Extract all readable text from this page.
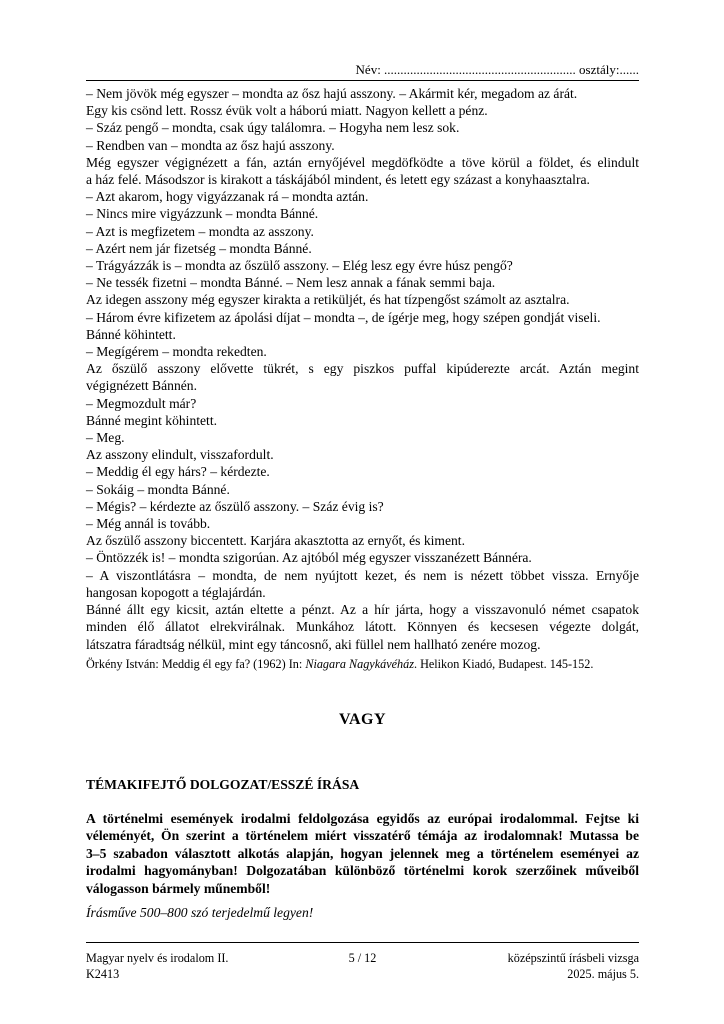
Név: ........................................................... osztály:......
– Nem jövök még egyszer – mondta az ősz hajú asszony. – Akármit kér, megadom az árát.
Egy kis csönd lett. Rossz évük volt a háború miatt. Nagyon kellett a pénz.
– Száz pengő – mondta, csak úgy találomra. – Hogyha nem lesz sok.
– Rendben van – mondta az ősz hajú asszony.
Még egyszer végignézett a fán, aztán ernyőjével megdöfködte a töve körül a földet, és elindult
a ház felé. Másodszor is kirakott a táskájából mindent, és letett egy százast a konyhaasztalra.
– Azt akarom, hogy vigyázzanak rá – mondta aztán.
– Nincs mire vigyázzunk – mondta Bánné.
– Azt is megfizetem – mondta az asszony.
– Azért nem jár fizetség – mondta Bánné.
– Trágyázzák is – mondta az őszülő asszony. – Elég lesz egy évre húsz pengő?
– Ne tessék fizetni – mondta Bánné. – Nem lesz annak a fának semmi baja.
Az idegen asszony még egyszer kirakta a retiküljét, és hat tízpengőst számolt az asztalra.
– Három évre kifizetem az ápolási díjat – mondta –, de ígérje meg, hogy szépen gondját viseli.
Bánné köhintett.
– Megígérem – mondta rekedten.
Az őszülő asszony elővette tükrét, s egy piszkos puffal kipúderezte arcát. Aztán megint
végignézett Bánnén.
– Megmozdult már?
Bánné megint köhintett.
– Meg.
Az asszony elindult, visszafordult.
– Meddig él egy hárs? – kérdezte.
– Sokáig – mondta Bánné.
– Mégis? – kérdezte az őszülő asszony. – Száz évig is?
– Még annál is tovább.
Az őszülő asszony biccentett. Karjára akasztotta az ernyőt, és kiment.
– Öntözzék is! – mondta szigorúan. Az ajtóból még egyszer visszanézett Bánnéra.
– A viszontlátásra – mondta, de nem nyújtott kezet, és nem is nézett többet vissza. Ernyője
hangosan kopogott a téglajárdán.
Bánné állt egy kicsit, aztán eltette a pénzt. Az a hír járta, hogy a visszavonuló német csapatok
minden élő állatot elrekvirálnak. Munkához látott. Könnyen és kecsesen végezte dolgát,
látszatra fáradtság nélkül, mint egy táncosnő, aki füllel nem hallható zenére mozog.
Örkény István: Meddig él egy fa? (1962) In: Niagara Nagykávéház. Helikon Kiadó, Budapest. 145-152.
VAGY
TÉMAKIFEJTŐ DOLGOZAT/ESSZÉ ÍRÁSA
A történelmi események irodalmi feldolgozása egyidős az európai irodalommal. Fejtse ki
véleményét, Ön szerint a történelem miért visszatérő témája az irodalomnak! Mutassa be
3–5 szabadon választott alkotás alapján, hogyan jelennek meg a történelem eseményei az
irodalmi hagyományban! Dolgozatában különböző történelmi korok szerzőinek műveiből
válogasson bármely műnemből!
Írásműve 500–800 szó terjedelmű legyen!
Magyar nyelv és irodalom II.
K2413
5 / 12	középszintű írásbeli vizsga
2025. május 5.
